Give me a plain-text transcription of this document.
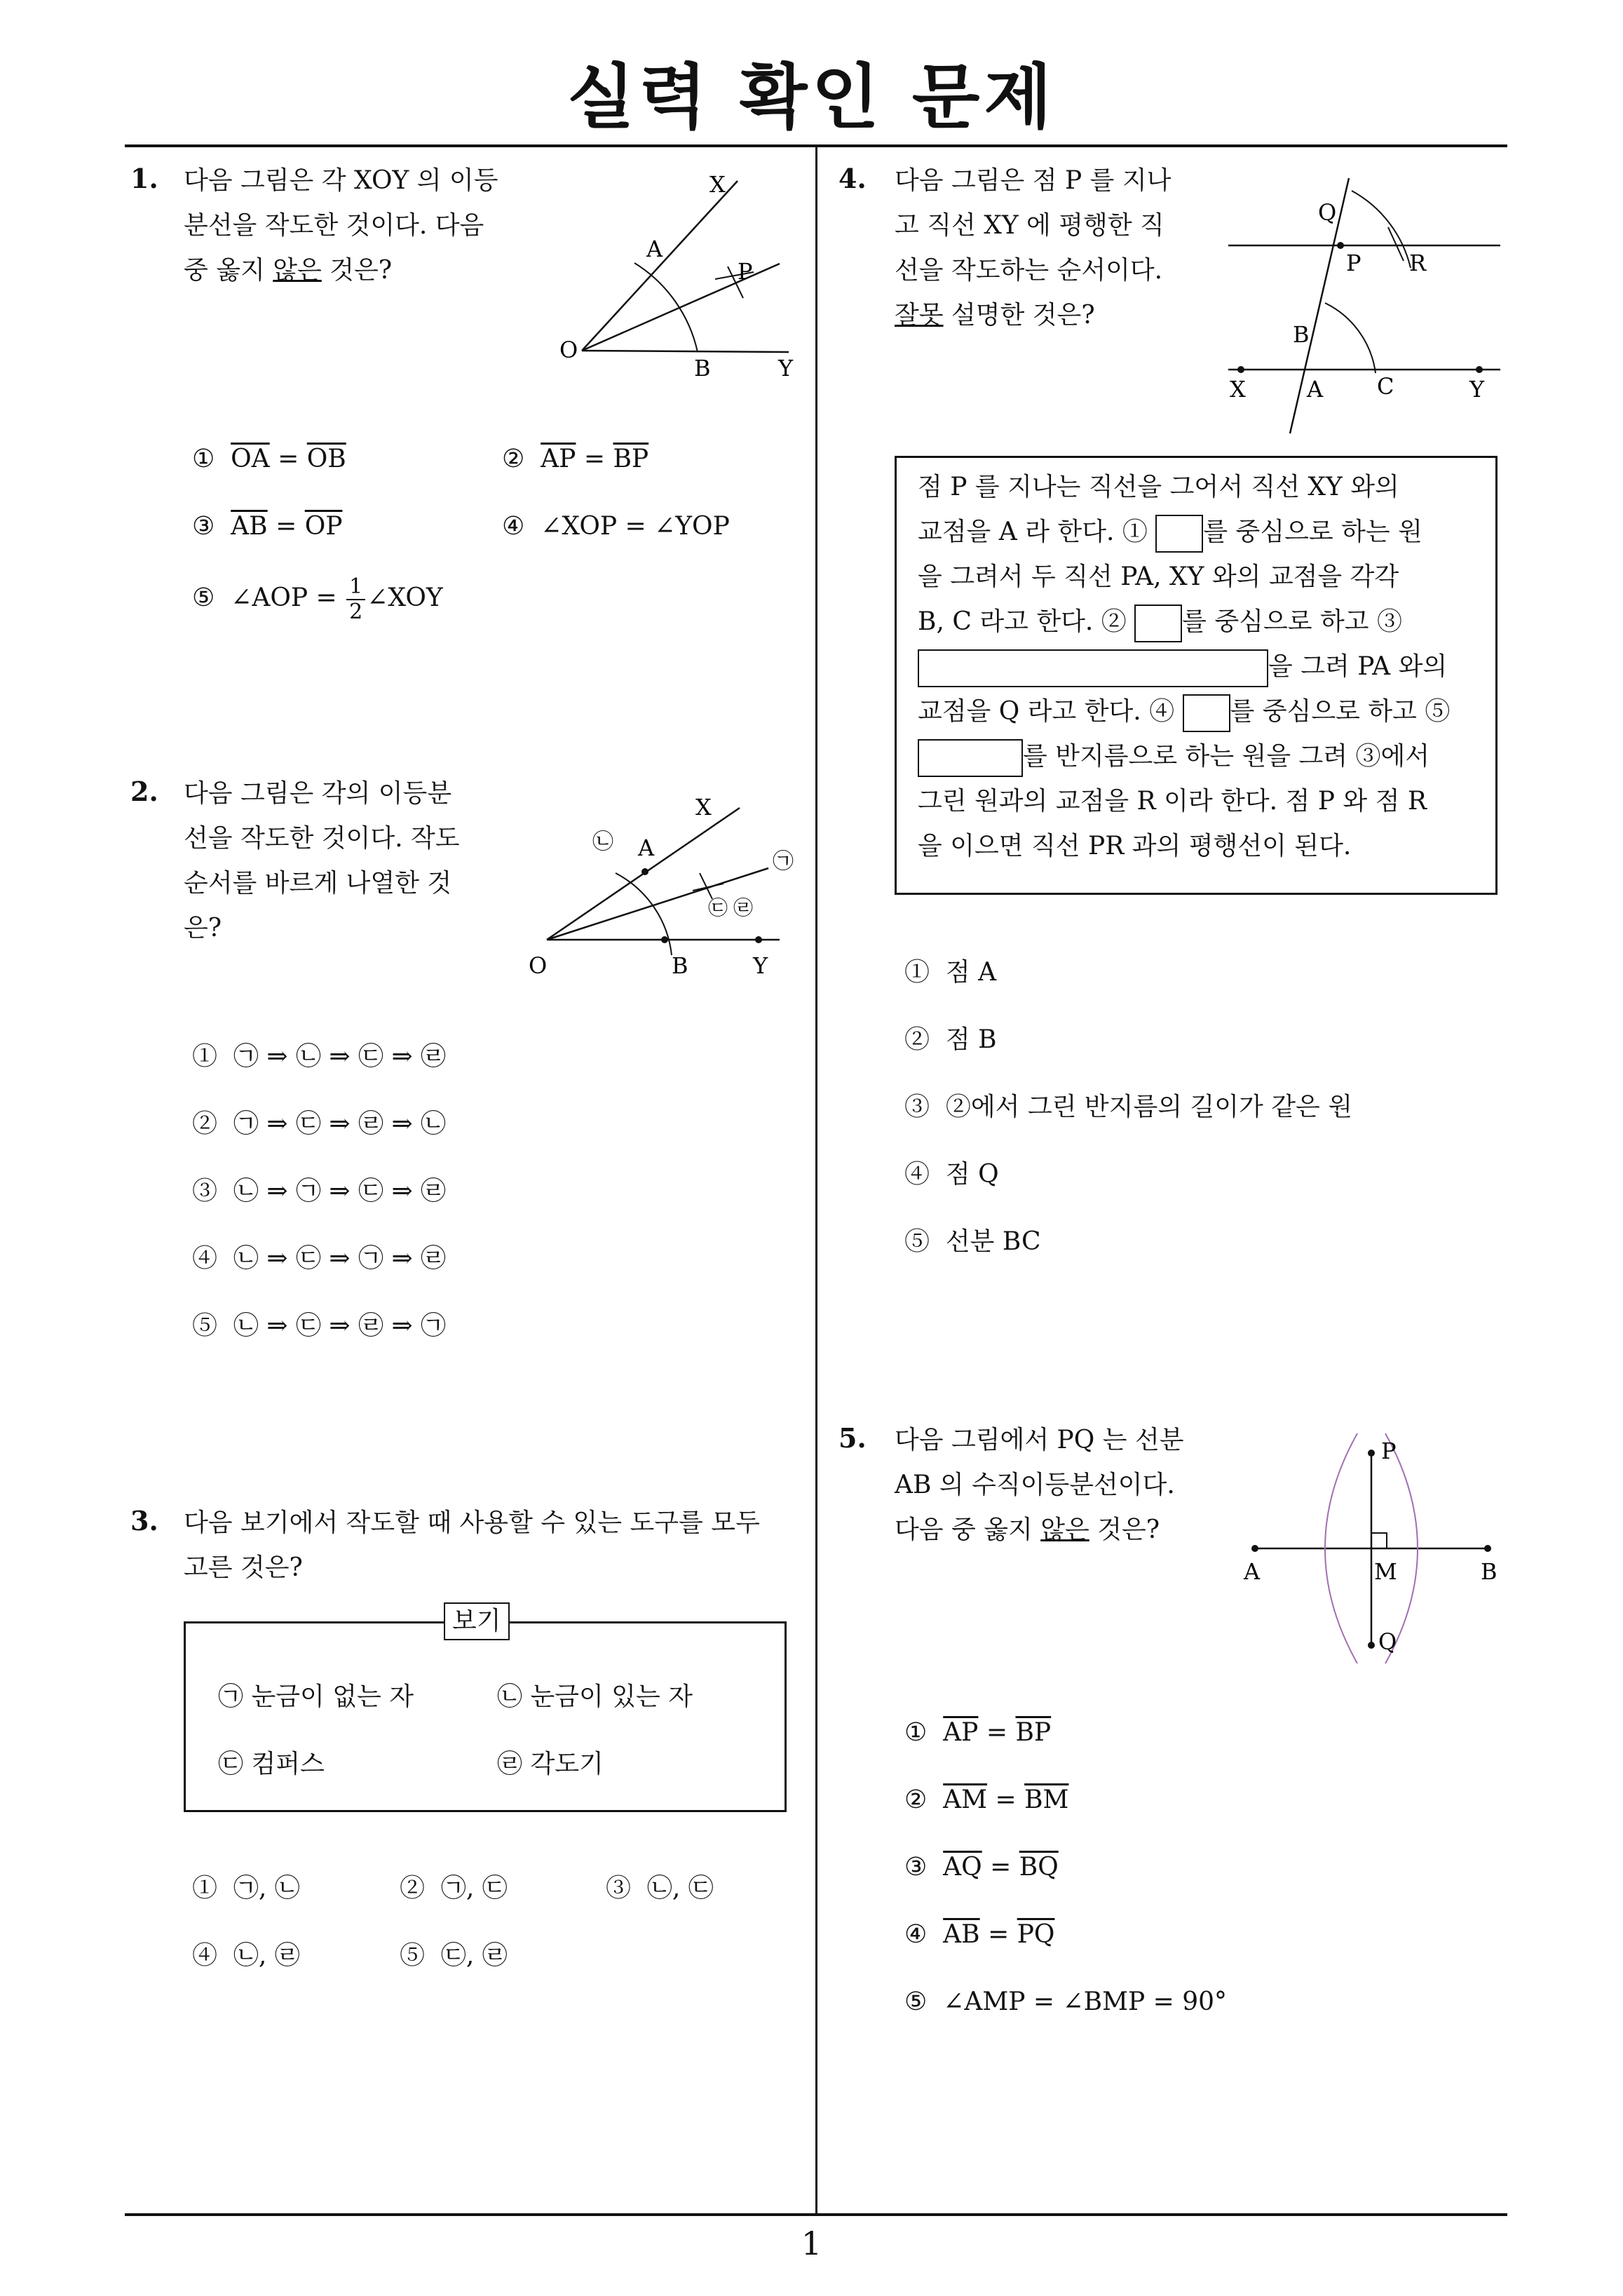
실력 확인 문제
1
1. 다음 그림은 각 XOY 의 이등
분선을 작도한 것이다. 다음
중 옳지 않은 것은?
X
A
P
O
B	Y
① $\overline{OA} = \overline{OB}$	② $\overline{AP} = \overline{BP}$
③ $\overline{AB} = \overline{OP}$	④ ∠XOP = ∠YOP
⑤ ∠AOP = $\frac{1}{2}$ ∠XOY
2. 다음 그림은 각의 이등분
선을 작도한 것이다. 작도
순서를 바르게 나열한 것
은?
X
A
㉡
㉠
㉢ ㉣
O	B	Y
① ㉠ ⇒ ㉡ ⇒ ㉢ ⇒ ㉣
② ㉠ ⇒ ㉢ ⇒ ㉣ ⇒ ㉡
③ ㉡ ⇒ ㉠ ⇒ ㉢ ⇒ ㉣
④ ㉡ ⇒ ㉢ ⇒ ㉠ ⇒ ㉣
⑤ ㉡ ⇒ ㉢ ⇒ ㉣ ⇒ ㉠
3. 다음 보기에서 작도할 때 사용할 수 있는 도구를 모두
고른 것은?
보기
㉠ 눈금이 없는 자	㉡ 눈금이 있는 자
㉢ 컴퍼스	㉣ 각도기
① ㉠, ㉡	② ㉠, ㉢	③ ㉡, ㉢
④ ㉡, ㉣	⑤ ㉢, ㉣
4. 다음 그림은 점 P 를 지나
고 직선 XY 에 평행한 직
선을 작도하는 순서이다.
잘못 설명한 것은?
Q
P R
B
X	A C	Y
점 P 를 지나는 직선을 그어서 직선 XY 와의
교점을 A 라 한다. ① 를 중심으로 하는 원
을 그려서 두 직선 PA, XY 와의 교점을 각각
B, C 라고 한다. ② 를 중심으로 하고 ③
을 그려 PA 와의
교점을 Q 라고 한다. ④ 를 중심으로 하고 ⑤
를 반지름으로 하는 원을 그려 ③에서
그린 원과의 교점을 R 이라 한다. 점 P 와 점 R
을 이으면 직선 PR 과의 평행선이 된다.
① 점 A
② 점 B
③ ②에서 그린 반지름의 길이가 같은 원
④ 점 Q
⑤ 선분 BC
5. 다음 그림에서 PQ 는 선분
AB 의 수직이등분선이다.
다음 중 옳지 않은 것은?
P
A	M	B
Q
① $\overline{AP} = \overline{BP}$
② $\overline{AM} = \overline{BM}$
③ $\overline{AQ} = \overline{BQ}$
④ $\overline{AB} = \overline{PQ}$
⑤ ∠AMP = ∠BMP = 90°
